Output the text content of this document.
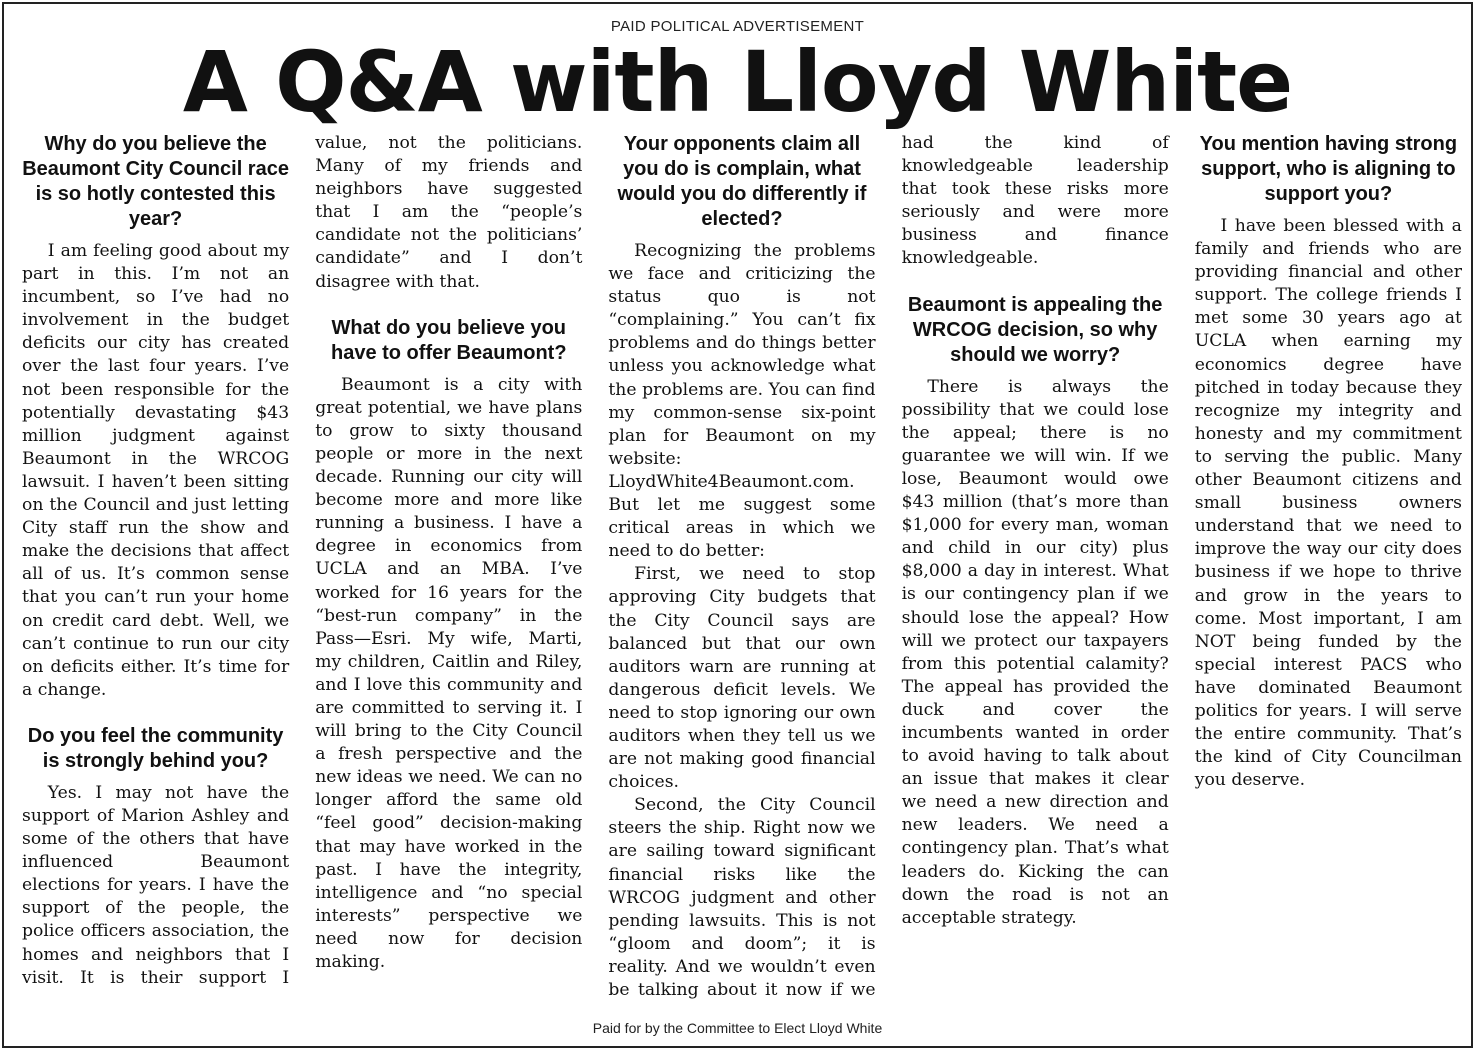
PAID POLITICAL ADVERTISEMENT
A Q&A with Lloyd White
Why do you believe the Beaumont City Council race is so hotly contested this year?

I am feeling good about my part in this. I’m not an incumbent, so I’ve had no involvement in the budget deficits our city has created over the last four years. I’ve not been responsible for the potentially devastating $43 million judgment against Beaumont in the WRCOG lawsuit. I haven’t been sitting on the Council and just letting City staff run the show and make the decisions that affect all of us. It’s common sense that you can’t run your home on credit card debt. Well, we can’t continue to run our city on deficits either. It’s time for a change.

Do you feel the community is strongly behind you?

Yes. I may not have the support of Marion Ashley and some of the others that have influenced Beaumont elections for years. I have the support of the people, the police officers association, the homes and neighbors that I visit. It is their support I value, not the politicians. Many of my friends and neighbors have suggested that I am the “people’s candidate not the politicians’ candidate” and I don’t disagree with that.

What do you believe you have to offer Beaumont?

Beaumont is a city with great potential, we have plans to grow to sixty thousand people or more in the next decade. Running our city will become more and more like running a business. I have a degree in economics from UCLA and an MBA. I’ve worked for 16 years for the “best-run company” in the Pass—Esri. My wife, Marti, my children, Caitlin and Riley, and I love this community and are committed to serving it. I will bring to the City Council a fresh perspective and the new ideas we need. We can no longer afford the same old “feel good” decision-making that may have worked in the past. I have the integrity, intelligence and “no special interests” perspective we need now for decision making.

Your opponents claim all you do is complain, what would you do differently if elected?

Recognizing the problems we face and criticizing the status quo is not “complaining.” You can’t fix problems and do things better unless you acknowledge what the problems are. You can find my common-sense six-point plan for Beaumont on my website: LloydWhite4Beaumont.com. But let me suggest some critical areas in which we need to do better:

First, we need to stop approving City budgets that the City Council says are balanced but that our own auditors warn are running at dangerous deficit levels. We need to stop ignoring our own auditors when they tell us we are not making good financial choices.

Second, the City Council steers the ship. Right now we are sailing toward significant financial risks like the WRCOG judgment and other pending lawsuits. This is not “gloom and doom”; it is reality. And we wouldn’t even be talking about it now if we had the kind of knowledgeable leadership that took these risks more seriously and were more business and finance knowledgeable.

Beaumont is appealing the WRCOG decision, so why should we worry?

There is always the possibility that we could lose the appeal; there is no guarantee we will win. If we lose, Beaumont would owe $43 million (that’s more than $1,000 for every man, woman and child in our city) plus $8,000 a day in interest. What is our contingency plan if we should lose the appeal? How will we protect our taxpayers from this potential calamity? The appeal has provided the duck and cover the incumbents wanted in order to avoid having to talk about an issue that makes it clear we need a new direction and new leaders. We need a contingency plan. That’s what leaders do. Kicking the can down the road is not an acceptable strategy.

You mention having strong support, who is aligning to support you?

I have been blessed with a family and friends who are providing financial and other support. The college friends I met some 30 years ago at UCLA when earning my economics degree have pitched in today because they recognize my integrity and honesty and my commitment to serving the public. Many other Beaumont citizens and small business owners understand that we need to improve the way our city does business if we hope to thrive and grow in the years to come. Most important, I am NOT being funded by the special interest PACS who have dominated Beaumont politics for years. I will serve the entire community. That’s the kind of City Councilman you deserve.

Paid for by the Committee to Elect Lloyd White
